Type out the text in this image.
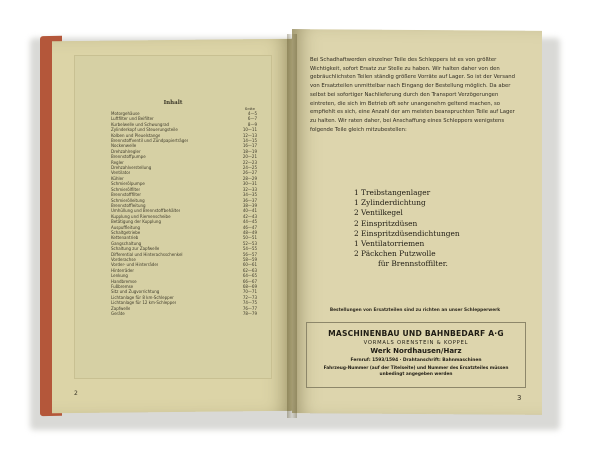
Inhalt
Seite
Motorgehäuse	4—5
Luftfilter und Beifilter	6—7
Kurbelwelle und Schwungrad	8—9
Zylinderkopf und Steuerungsteile	10—11
Kolben und Pleuelstange	12—13
Brennstoffventil und Zündpapierträger	14—15
Nockenwelle	16—17
Drehzahlregler	18—19
Brennstoffpumpe	20—21
Regler	22—23
Drehzahlverstellung	24—25
Ventilator	26—27
Kühler	28—29
Schmierölpumpe	30—31
Schmierölfilter	32—33
Brennstofffilter	34—35
Schmierölleitung	36—37
Brennstoffleitung	38—39
Umhüllung und Brennstoffbehälter	40—41
Kupplung und Riemenscheibe	42—43
Betätigung der Kupplung	44—45
Auspuffleitung	46—47
Schaltgetriebe	48—49
Kettenantrieb	50—51
Gangschaltung	52—53
Schaltung zur Zapfwelle	54—55
Differential und Hinterachsschenkel	56—57
Vorderachse	58—59
Vorder- und Hinterräder	60—61
Hinterräder	62—63
Lenkung	64—65
Handbremse	66—67
Fußbremse	68—69
Sitz und Zugvorrichtung	70—71
Lichtanlage für 8 km-Schlepper	72—73
Lichtanlage für 12 km-Schlepper	74—75
Zapfwelle	76—77
Geräte	78—79
2
Bei Schadhaftwerden einzelner Teile des Schleppers ist es von größter Wichtigkeit, sofort Ersatz zur Stelle zu haben. Wir halten daher von den gebräuchlichsten Teilen ständig größere Vorräte auf Lager. So ist der Versand von Ersatzteilen unmittelbar nach Eingang der Bestellung möglich. Da aber selbst bei sofortiger Nachlieferung durch den Transport Verzögerungen eintreten, die sich im Betrieb oft sehr unangenehm geltend machen, so empfiehlt es sich, eine Anzahl der am meisten beanspruchten Teile auf Lager zu halten. Wir raten daher, bei Anschaffung eines Schleppers wenigstens folgende Teile gleich mitzubestellen:
1 Treibstangenlager
1 Zylinderdichtung
2 Ventilkegel
2 Einspritzdüsen
2 Einspritzdüsendichtungen
1 Ventilatorriemen
2 Päckchen Putzwolle
für Brennstoffilter.
Bestellungen von Ersatzteilen sind zu richten an unser Schlepperwerk
MASCHINENBAU UND BAHNBEDARF A·G
VORMALS ORENSTEIN & KOPPEL
Werk Nordhausen/Harz
Fernruf: 1593/1594 · Drahtanschrift: Bahnmaschinen
Fahrzeug-Nummer (auf der Titelseite) und Nummer des Ersatzteiles müssen unbedingt angegeben werden
3
